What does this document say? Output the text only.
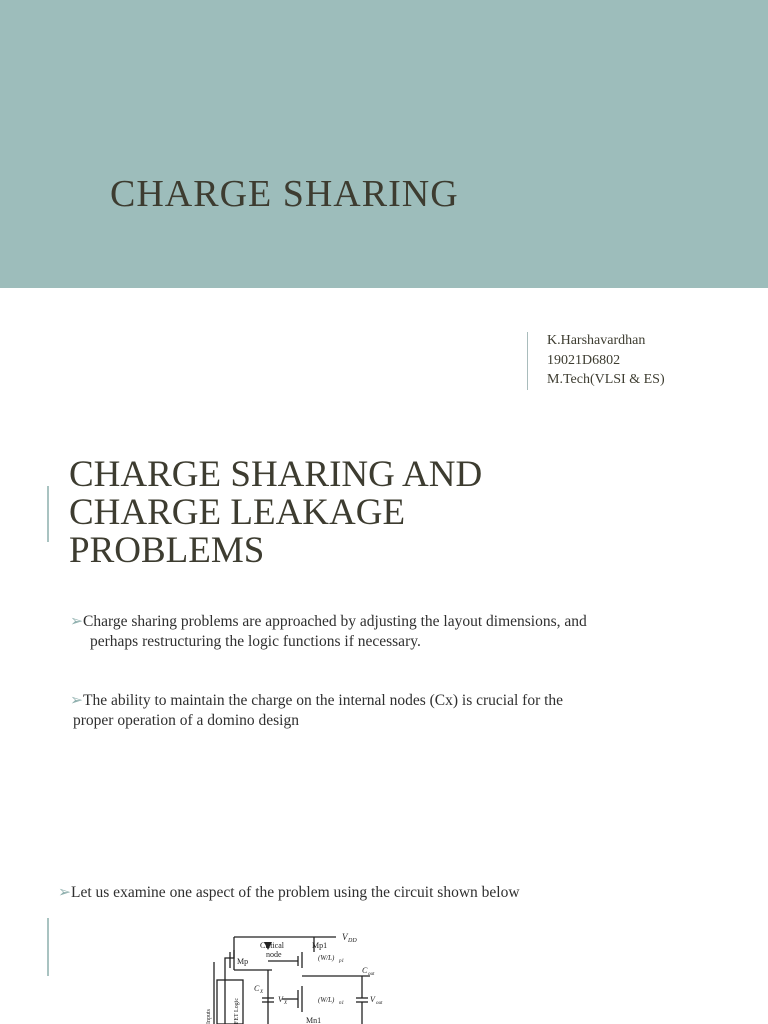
CHARGE SHARING
K.Harshavardhan
19021D6802
M.Tech(VLSI & ES)
CHARGE SHARING AND
CHARGE LEAKAGE
PROBLEMS
➢Charge sharing problems are approached by adjusting the layout dimensions, and
perhaps restructuring the logic functions if necessary.
➢The ability to maintain the charge on the internal nodes (Cx) is crucial for the
proper operation of a domino design
➢Let us examine one aspect of the problem using the circuit shown below
Critical
node
Mp
Mp1
V DD
(W/L) p1
C out
C X
V X	(W/L) n1	V out
Mn1
Inputs	FET Logic
